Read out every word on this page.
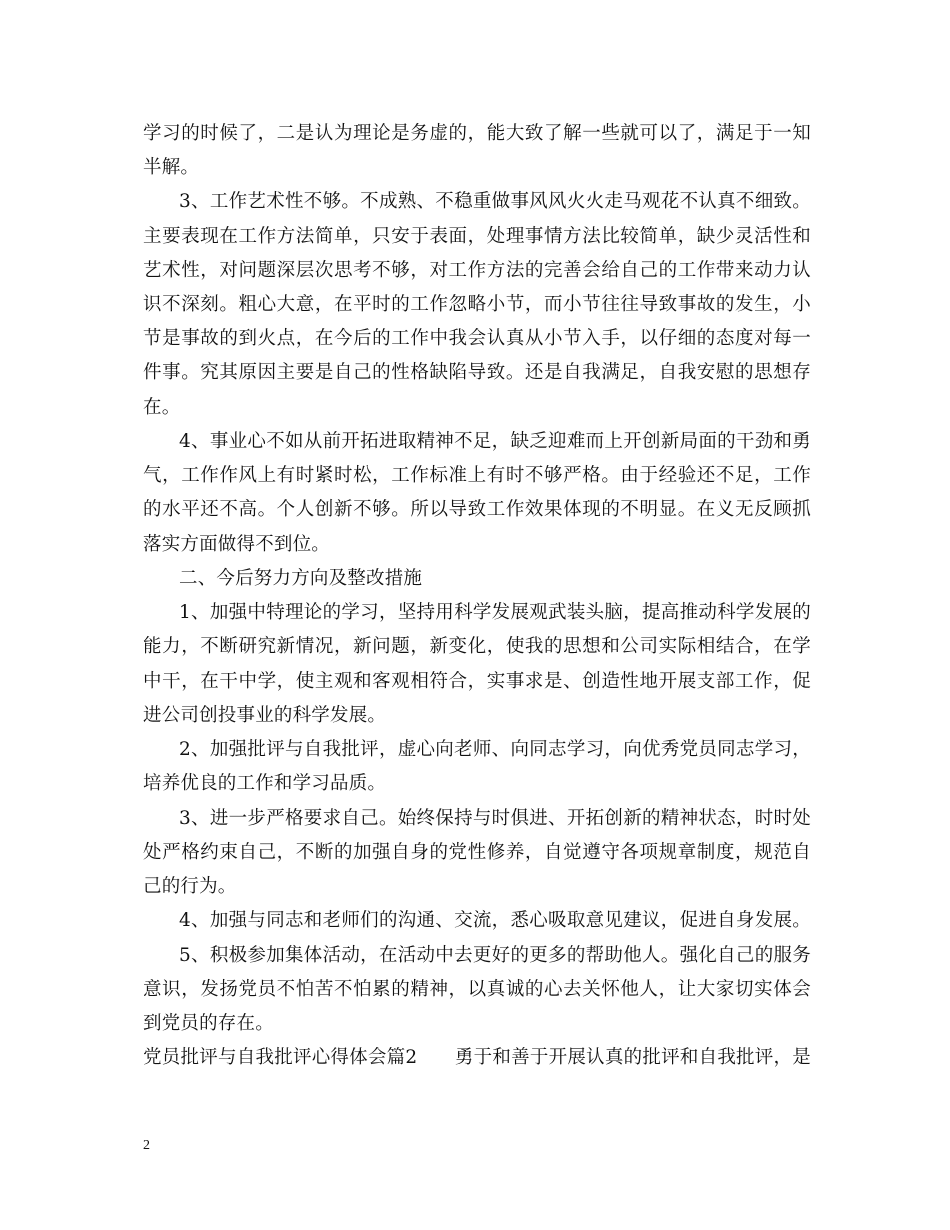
学习的时候了，二是认为理论是务虚的，能大致了解一些就可以了，满足于一知
半解。
3、工作艺术性不够。不成熟、不稳重做事风风火火走马观花不认真不细致。
主要表现在工作方法简单，只安于表面，处理事情方法比较简单，缺少灵活性和
艺术性，对问题深层次思考不够，对工作方法的完善会给自己的工作带来动力认
识不深刻。粗心大意，在平时的工作忽略小节，而小节往往导致事故的发生，小
节是事故的到火点，在今后的工作中我会认真从小节入手，以仔细的态度对每一
件事。究其原因主要是自己的性格缺陷导致。还是自我满足，自我安慰的思想存
在。
4、事业心不如从前开拓进取精神不足，缺乏迎难而上开创新局面的干劲和勇
气，工作作风上有时紧时松，工作标准上有时不够严格。由于经验还不足，工作
的水平还不高。个人创新不够。所以导致工作效果体现的不明显。在义无反顾抓
落实方面做得不到位。
二、今后努力方向及整改措施
1、加强中特理论的学习，坚持用科学发展观武装头脑，提高推动科学发展的
能力，不断研究新情况，新问题，新变化，使我的思想和公司实际相结合，在学
中干，在干中学，使主观和客观相符合，实事求是、创造性地开展支部工作，促
进公司创投事业的科学发展。
2、加强批评与自我批评，虚心向老师、向同志学习，向优秀党员同志学习，
培养优良的工作和学习品质。
3、进一步严格要求自己。始终保持与时俱进、开拓创新的精神状态，时时处
处严格约束自己，不断的加强自身的党性修养，自觉遵守各项规章制度，规范自
己的行为。
4、加强与同志和老师们的沟通、交流，悉心吸取意见建议，促进自身发展。
5、积极参加集体活动，在活动中去更好的更多的帮助他人。强化自己的服务
意识，发扬党员不怕苦不怕累的精神，以真诚的心去关怀他人，让大家切实体会
到党员的存在。
党员批评与自我批评心得体会篇2　　勇于和善于开展认真的批评和自我批评，是
2
